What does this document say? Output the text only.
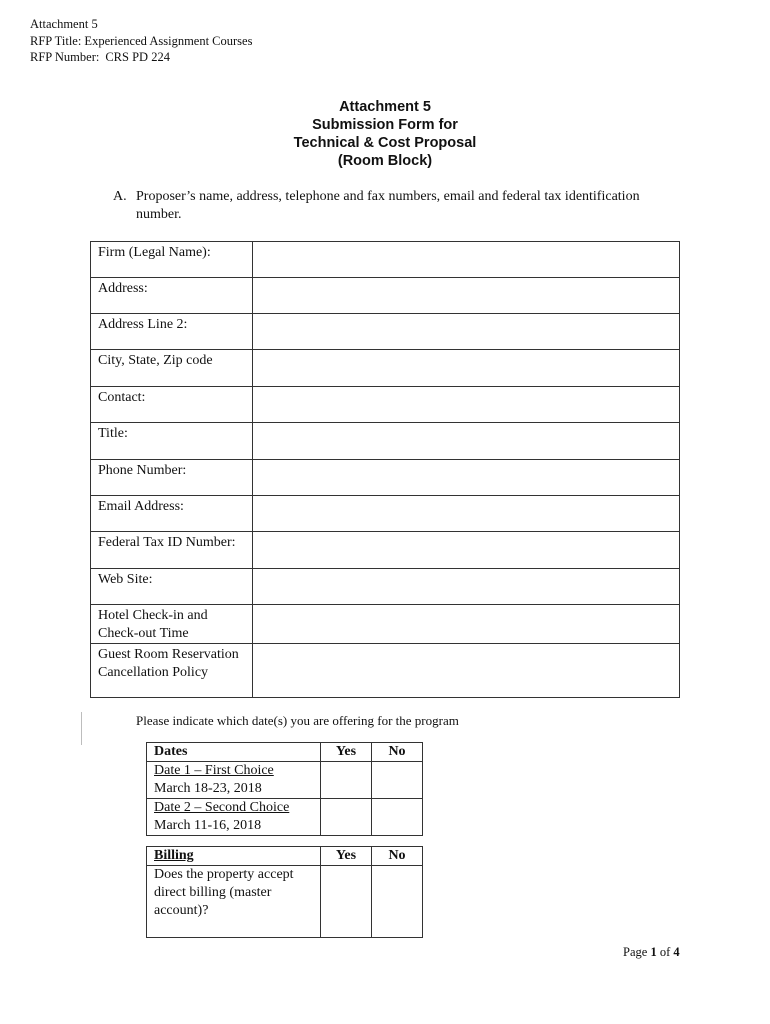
Attachment 5
RFP Title: Experienced Assignment Courses
RFP Number: CRS PD 224
Attachment 5
Submission Form for
Technical & Cost Proposal
(Room Block)
A. Proposer’s name, address, telephone and fax numbers, email and federal tax identification number.
Firm (Legal Name):	
Address:	
Address Line 2:	
City, State, Zip code	
Contact:	
Title:	
Phone Number:	
Email Address:	
Federal Tax ID Number:	
Web Site:	
Hotel Check-in and Check-out Time	
Guest Room Reservation Cancellation Policy	
Please indicate which date(s) you are offering for the program
Dates	Yes	No

Date 1 – First Choice
March 18-23, 2018		

Date 2 – Second Choice
March 11-16, 2018		

Billing	Yes	No
Does the property accept direct billing (master account)?		
Page 1 of 4
